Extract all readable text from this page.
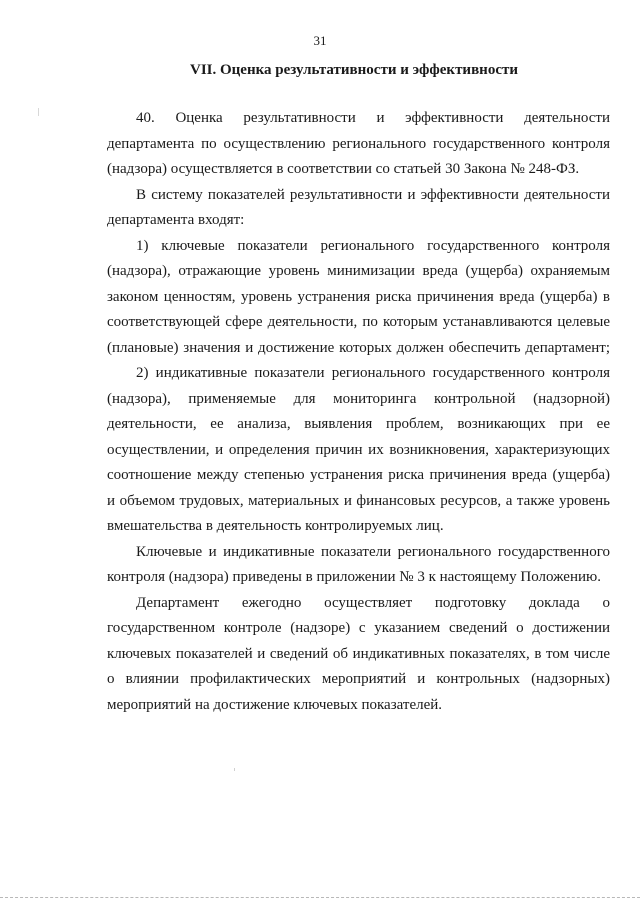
31
VII. Оценка результативности и эффективности
40. Оценка результативности и эффективности деятельности
департамента по осуществлению регионального государственного контроля
(надзора) осуществляется в соответствии со статьей 30 Закона № 248-ФЗ.
В систему показателей результативности и эффективности деятельности
департамента входят:
1) ключевые показатели регионального государственного контроля
(надзора), отражающие уровень минимизации вреда (ущерба) охраняемым
законом ценностям, уровень устранения риска причинения вреда (ущерба) в
соответствующей сфере деятельности, по которым устанавливаются целевые
(плановые) значения и достижение которых должен обеспечить департамент;
2) индикативные показатели регионального государственного контроля
(надзора), применяемые для мониторинга контрольной (надзорной)
деятельности, ее анализа, выявления проблем, возникающих при ее
осуществлении, и определения причин их возникновения, характеризующих
соотношение между степенью устранения риска причинения вреда (ущерба)
и объемом трудовых, материальных и финансовых ресурсов, а также уровень
вмешательства в деятельность контролируемых лиц.
Ключевые и индикативные показатели регионального государственного
контроля (надзора) приведены в приложении № 3 к настоящему Положению.
Департамент ежегодно осуществляет подготовку доклада о
государственном контроле (надзоре) с указанием сведений о достижении
ключевых показателей и сведений об индикативных показателях, в том числе
о влиянии профилактических мероприятий и контрольных (надзорных)
мероприятий на достижение ключевых показателей.
